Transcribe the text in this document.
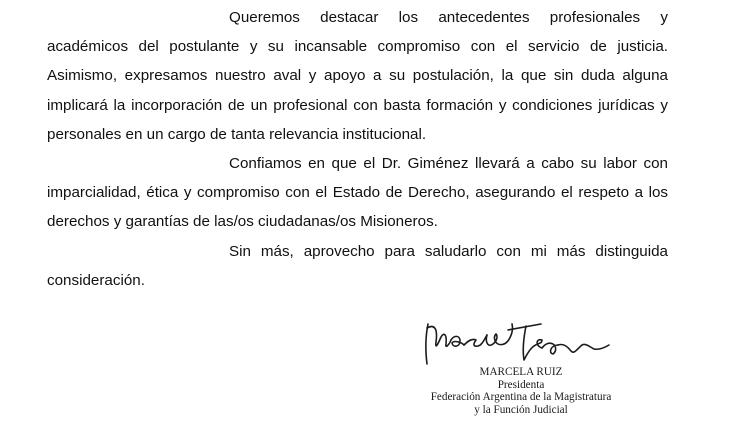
Queremos destacar los antecedentes profesionales y académicos del postulante y su incansable compromiso con el servicio de justicia. Asimismo, expresamos nuestro aval y apoyo a su postulación, la que sin duda alguna implicará la incorporación de un profesional con basta formación y condiciones jurídicas y personales en un cargo de tanta relevancia institucional.

Confiamos en que el Dr. Giménez llevará a cabo su labor con imparcialidad, ética y compromiso con el Estado de Derecho, asegurando el respeto a los derechos y garantías de las/os ciudadanas/os Misioneros.

Sin más, aprovecho para saludarlo con mi más distinguida consideración.

MARCELA RUIZ
Presidenta
Federación Argentina de la Magistratura
y la Función Judicial
